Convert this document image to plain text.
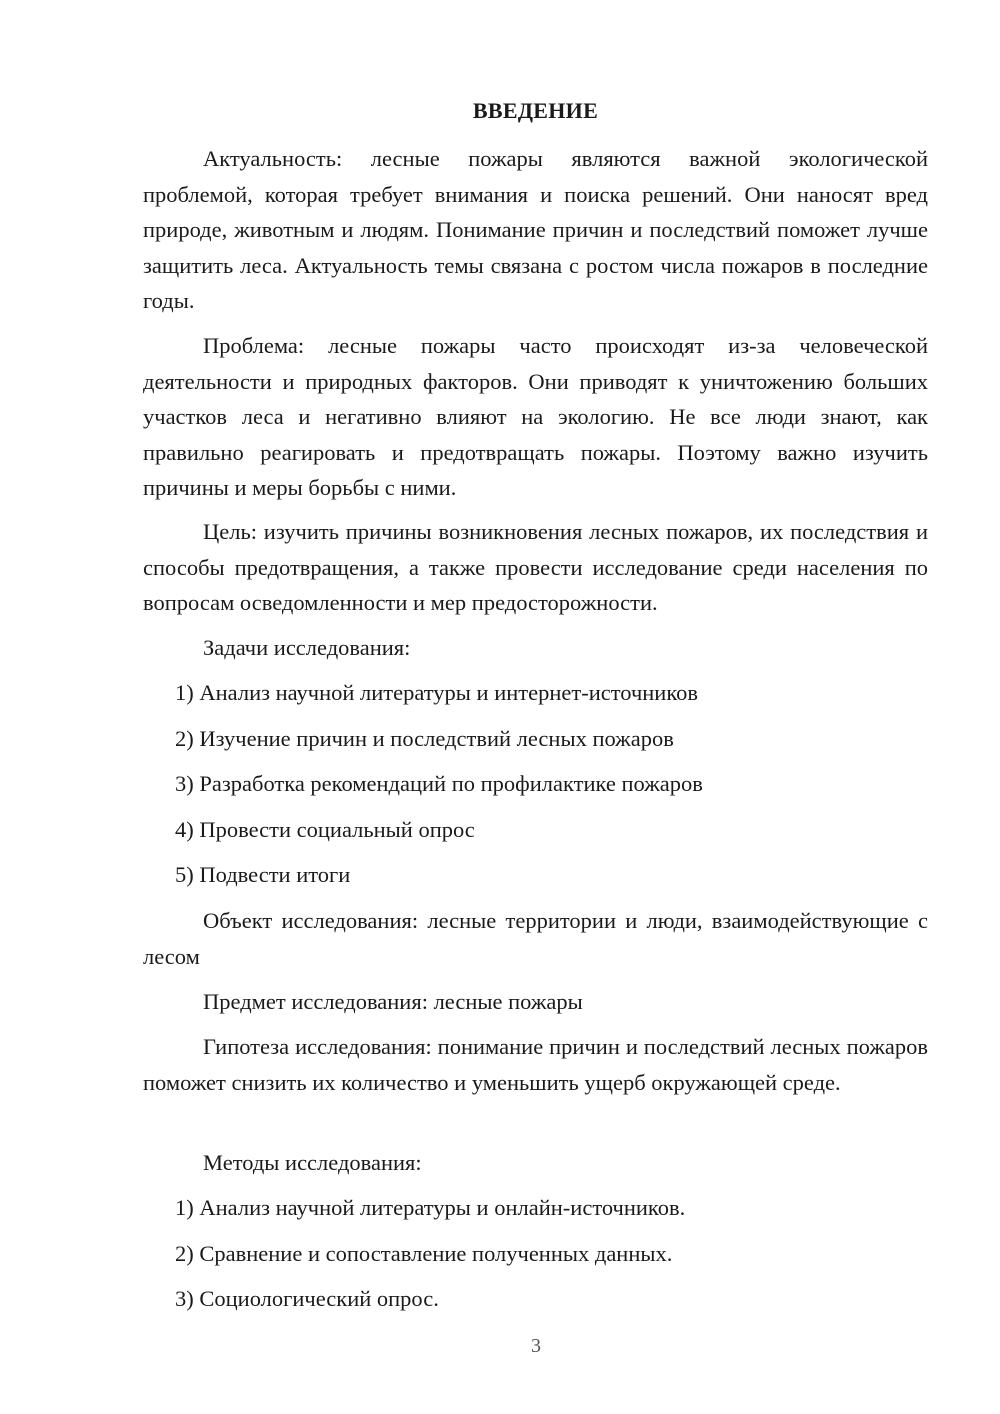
ВВЕДЕНИЕ

Актуальность: лесные пожары являются важной экологической проблемой, которая требует внимания и поиска решений. Они наносят вред природе, животным и людям. Понимание причин и последствий поможет лучше защитить леса. Актуальность темы связана с ростом числа пожаров в последние годы.

Проблема: лесные пожары часто происходят из-за человеческой деятельности и природных факторов. Они приводят к уничтожению больших участков леса и негативно влияют на экологию. Не все люди знают, как правильно реагировать и предотвращать пожары. Поэтому важно изучить причины и меры борьбы с ними.

Цель: изучить причины возникновения лесных пожаров, их последствия и способы предотвращения, а также провести исследование среди населения по вопросам осведомленности и мер предосторожности.

Задачи исследования:

1) Анализ научной литературы и интернет-источников

2) Изучение причин и последствий лесных пожаров

3) Разработка рекомендаций по профилактике пожаров

4) Провести социальный опрос

5) Подвести итоги

Объект исследования: лесные территории и люди, взаимодействующие с лесом

Предмет исследования: лесные пожары

Гипотеза исследования: понимание причин и последствий лесных пожаров поможет снизить их количество и уменьшить ущерб окружающей среде.

Методы исследования:

1) Анализ научной литературы и онлайн-источников.

2) Сравнение и сопоставление полученных данных.

3) Социологический опрос.

3
